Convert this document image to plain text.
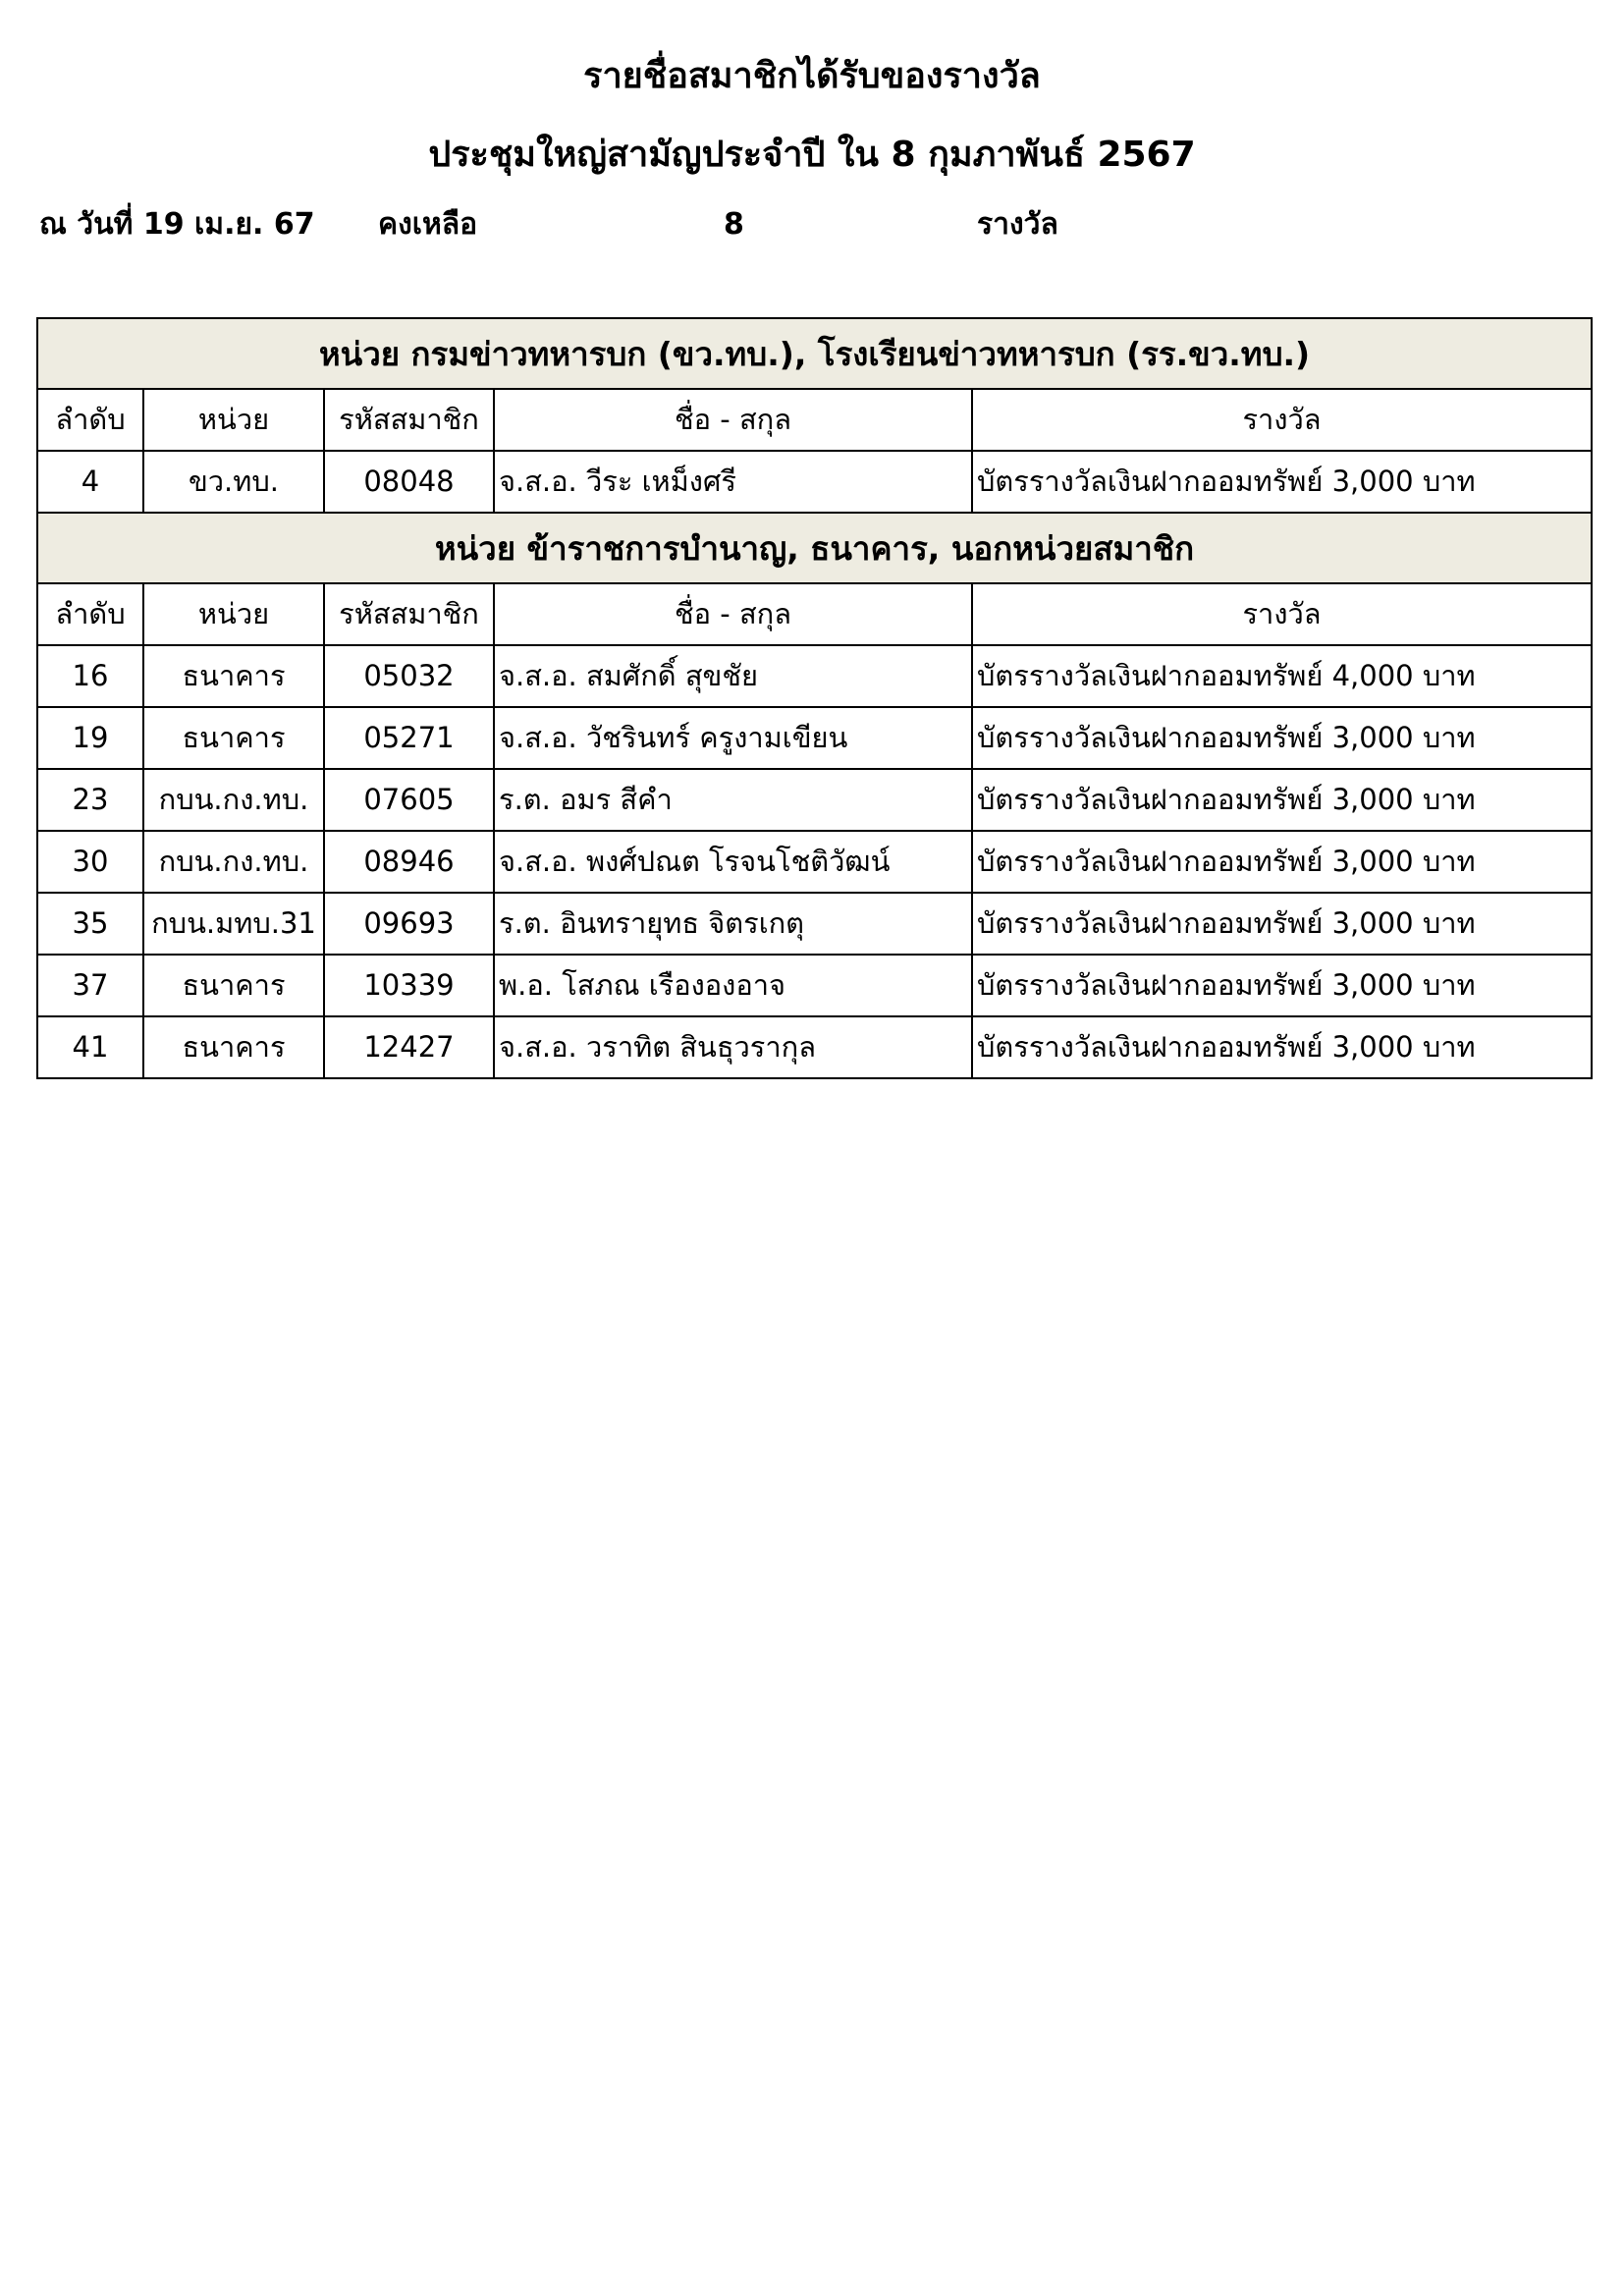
รายชื่อสมาชิกได้รับของรางวัล
ประชุมใหญ่สามัญประจำปี ใน 8 กุมภาพันธ์ 2567
ณ วันที่ 19 เม.ย. 67 คงเหลือ	8	รางวัล
หน่วย กรมข่าวทหารบก (ขว.ทบ.), โรงเรียนข่าวทหารบก (รร.ขว.ทบ.)				
ลำดับ	หน่วย	รหัสสมาชิก	ชื่อ - สกุล	รางวัล
4	ขว.ทบ.	08048	จ.ส.อ. วีระ เหม็งศรี	บัตรรางวัลเงินฝากออมทรัพย์ 3,000 บาท
หน่วย ข้าราชการบำนาญ, ธนาคาร, นอกหน่วยสมาชิก				
ลำดับ	หน่วย	รหัสสมาชิก	ชื่อ - สกุล	รางวัล
16	ธนาคาร	05032	จ.ส.อ. สมศักดิ์ สุขชัย	บัตรรางวัลเงินฝากออมทรัพย์ 4,000 บาท
19	ธนาคาร	05271	จ.ส.อ. วัชรินทร์ ครูงามเขียน	บัตรรางวัลเงินฝากออมทรัพย์ 3,000 บาท
23	กบน.กง.ทบ.	07605	ร.ต. อมร สีคำ	บัตรรางวัลเงินฝากออมทรัพย์ 3,000 บาท
30	กบน.กง.ทบ.	08946	จ.ส.อ. พงศ์ปณต โรจนโชติวัฒน์	บัตรรางวัลเงินฝากออมทรัพย์ 3,000 บาท
35	กบน.มทบ.31	09693	ร.ต. อินทรายุทธ จิตรเกตุ	บัตรรางวัลเงินฝากออมทรัพย์ 3,000 บาท
37	ธนาคาร	10339	พ.อ. โสภณ เรืององอาจ	บัตรรางวัลเงินฝากออมทรัพย์ 3,000 บาท
41	ธนาคาร	12427	จ.ส.อ. วราทิต สินธุวรากุล	บัตรรางวัลเงินฝากออมทรัพย์ 3,000 บาท
